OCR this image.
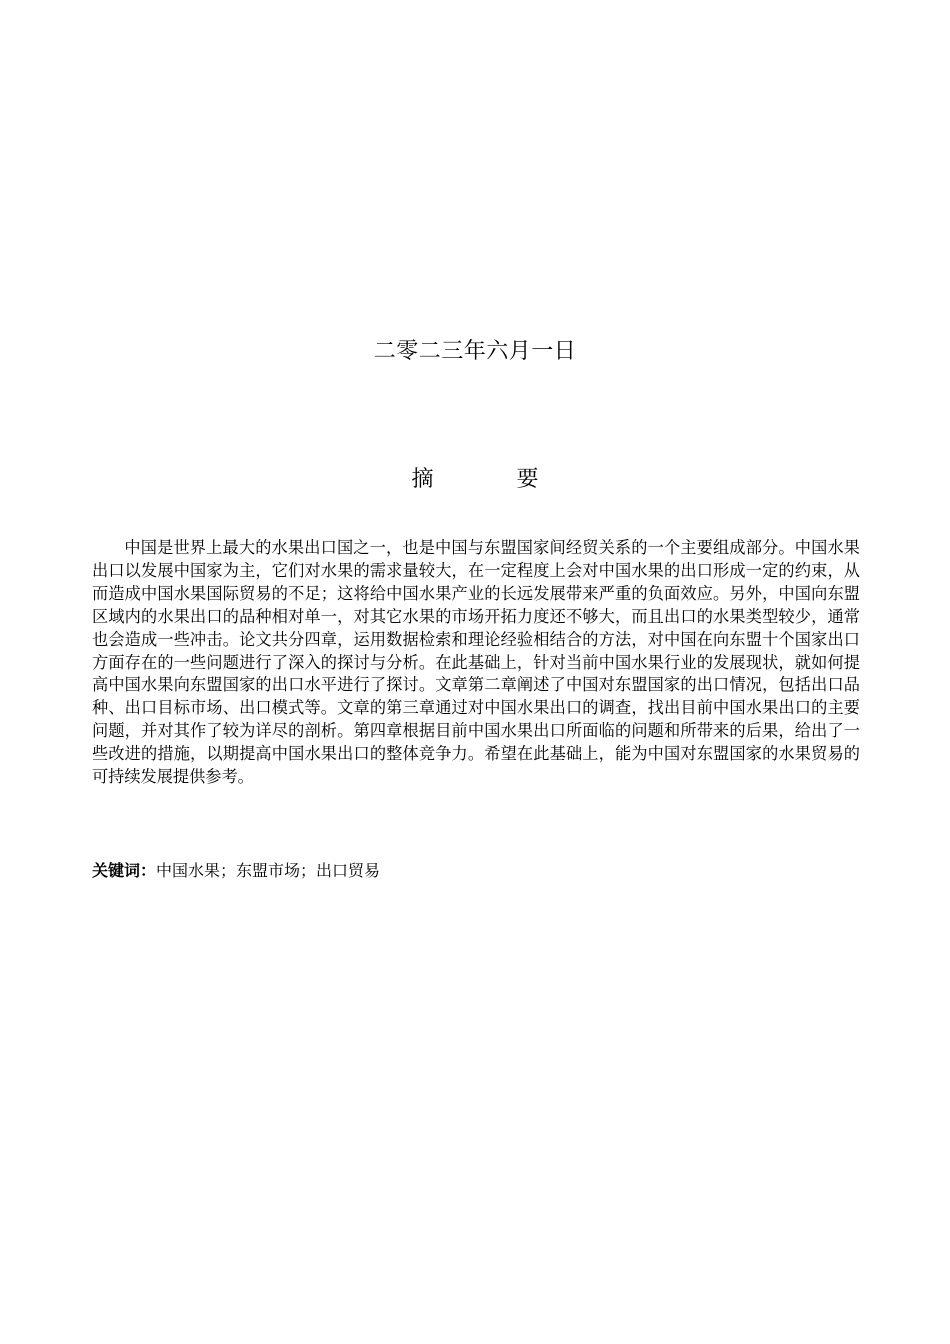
二零二三年六月一日
摘 要

中国是世界上最大的水果出口国之一，也是中国与东盟国家间经贸关系的一个主要组成部分。中国水果出口以发展中国家为主，它们对水果的需求量较大，在一定程度上会对中国水果的出口形成一定的约束，从而造成中国水果国际贸易的不足；这将给中国水果产业的长远发展带来严重的负面效应。另外，中国向东盟区域内的水果出口的品种相对单一，对其它水果的市场开拓力度还不够大，而且出口的水果类型较少，通常也会造成一些冲击。论文共分四章，运用数据检索和理论经验相结合的方法，对中国在向东盟十个国家出口方面存在的一些问题进行了深入的探讨与分析。在此基础上，针对当前中国水果行业的发展现状，就如何提高中国水果向东盟国家的出口水平进行了探讨。文章第二章阐述了中国对东盟国家的出口情况，包括出口品种、出口目标市场、出口模式等。文章的第三章通过对中国水果出口的调查，找出目前中国水果出口的主要问题，并对其作了较为详尽的剖析。第四章根据目前中国水果出口所面临的问题和所带来的后果，给出了一些改进的措施，以期提高中国水果出口的整体竞争力。希望在此基础上，能为中国对东盟国家的水果贸易的可持续发展提供参考。

关键词：中国水果；东盟市场；出口贸易
